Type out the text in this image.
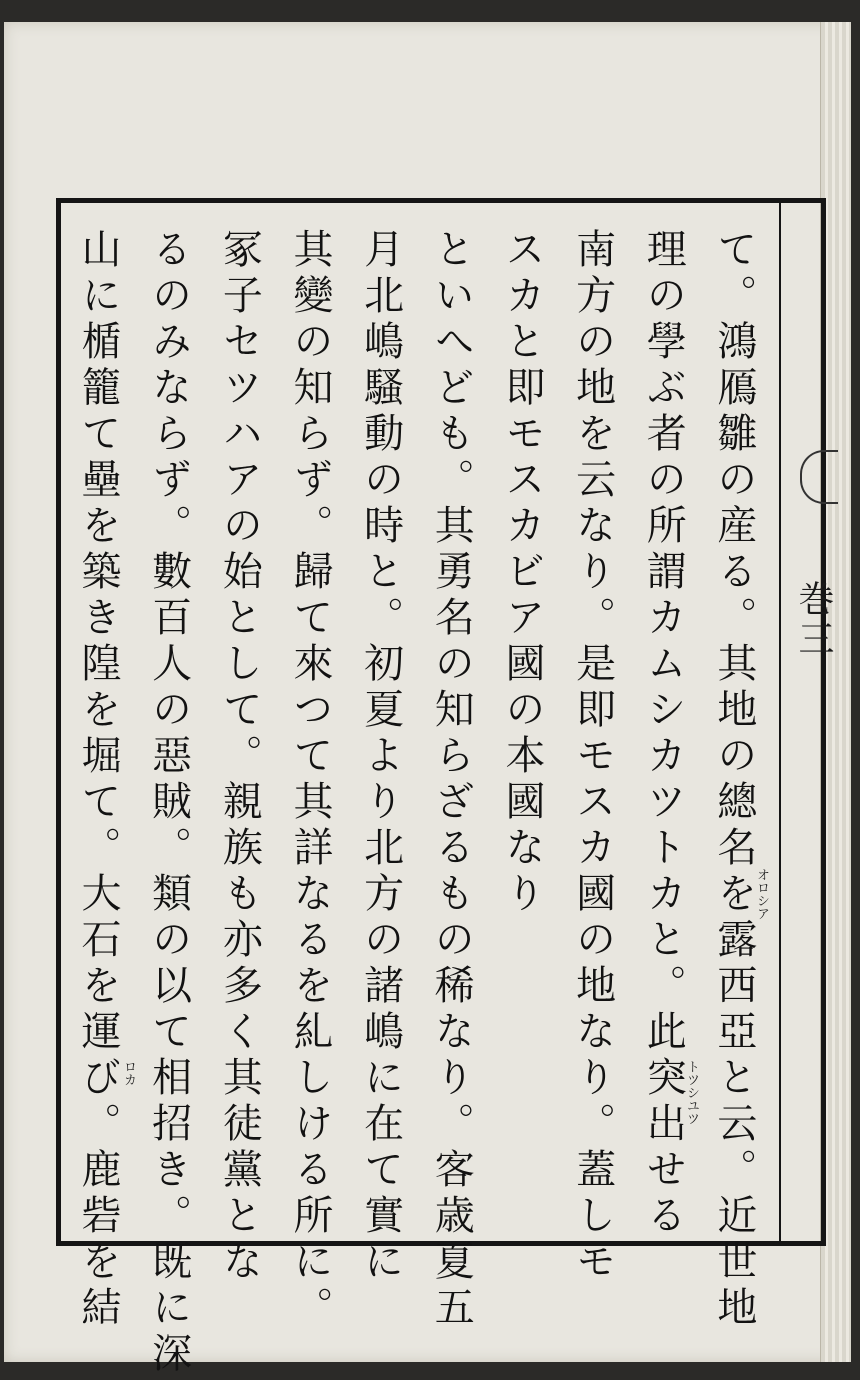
巻三
て。鴻鴈雛の産る。其地の總名を露西亞と云。近世地
理の學ぶ者の所謂カムシカツトカと。此突出せる
南方の地を云なり。是即モスカ國の地なり。蓋しモ
スカと即モスカビア國の本國なり
といへども。其勇名の知らざるもの稀なり。客歳夏五
月北嶋騷動の時と。初夏より北方の諸嶋に在て實に
其變の知らず。歸て來つて其詳なるを糺しける所に。
冢子セツハアの始として。親族も亦多く其徒黨とな
るのみならず。數百人の惡賊。類の以て相招き。既に深
山に楯籠て壘を築き隍を堀て。大石を運び。鹿砦を結	オロシア
トツシユツ
ロカ
